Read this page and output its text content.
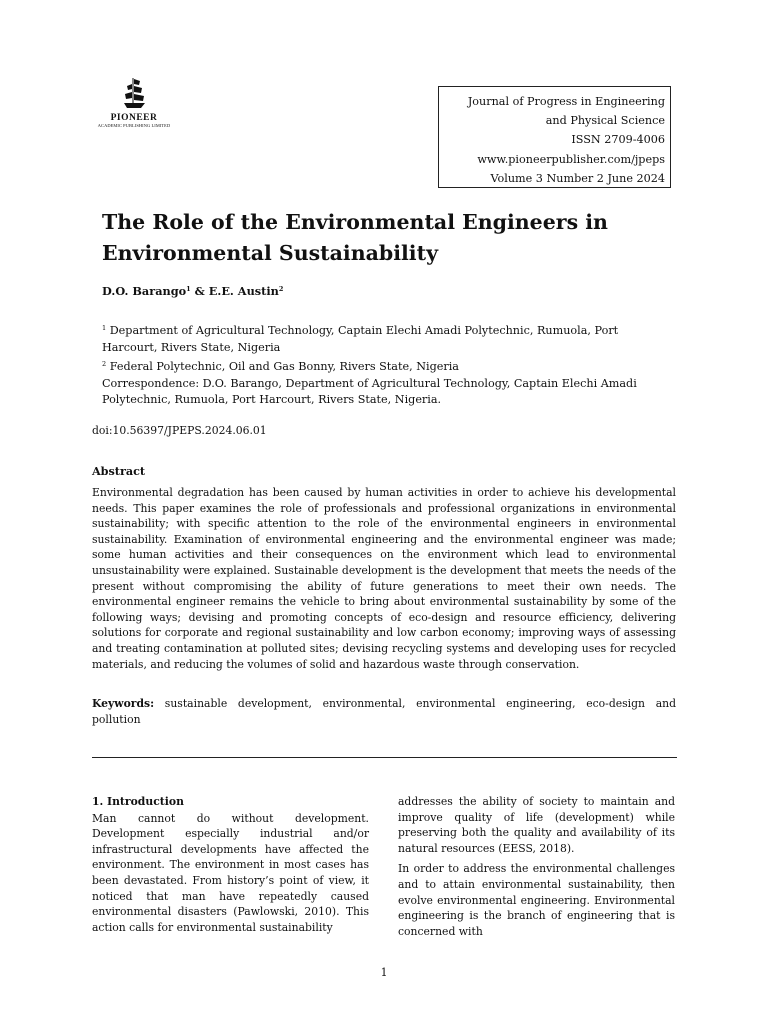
PIONEER
ACADEMIC PUBLISHING LIMITED
Journal of Progress in Engineering
and Physical Science
ISSN 2709-4006
www.pioneerpublisher.com/jpeps
Volume 3 Number 2 June 2024
The Role of the Environmental Engineers in Environmental Sustainability
D.O. Barango$^1$ & E.E. Austin$^2$

$^1$ Department of Agricultural Technology, Captain Elechi Amadi Polytechnic, Rumuola, Port Harcourt, Rivers State, Nigeria

$^2$ Federal Polytechnic, Oil and Gas Bonny, Rivers State, Nigeria

Correspondence: D.O. Barango, Department of Agricultural Technology, Captain Elechi Amadi Polytechnic, Rumuola, Port Harcourt, Rivers State, Nigeria.

doi:10.56397/JPEPS.2024.06.01
Abstract

Environmental degradation has been caused by human activities in order to achieve his developmental needs. This paper examines the role of professionals and professional organizations in environmental sustainability; with specific attention to the role of the environmental engineers in environmental sustainability. Examination of environmental engineering and the environmental engineer was made; some human activities and their consequences on the environment which lead to environmental unsustainability were explained. Sustainable development is the development that meets the needs of the present without compromising the ability of future generations to meet their own needs. The environmental engineer remains the vehicle to bring about environmental sustainability by some of the following ways; devising and promoting concepts of eco-design and resource efficiency, delivering solutions for corporate and regional sustainability and low carbon economy; improving ways of assessing and treating contamination at polluted sites; devising recycling systems and developing uses for recycled materials, and reducing the volumes of solid and hazardous waste through conservation.

Keywords: sustainable development, environmental, environmental engineering, eco-design and pollution

1. Introduction

Man cannot do without development. Development especially industrial and/or infrastructural developments have affected the environment. The environment in most cases has been devastated. From history’s point of view, it noticed that man have repeatedly caused environmental disasters (Pawlowski, 2010). This action calls for environmental sustainability

addresses the ability of society to maintain and improve quality of life (development) while preserving both the quality and availability of its natural resources (EESS, 2018).

In order to address the environmental challenges and to attain environmental sustainability, then evolve environmental engineering. Environmental engineering is the branch of engineering that is concerned with

1
